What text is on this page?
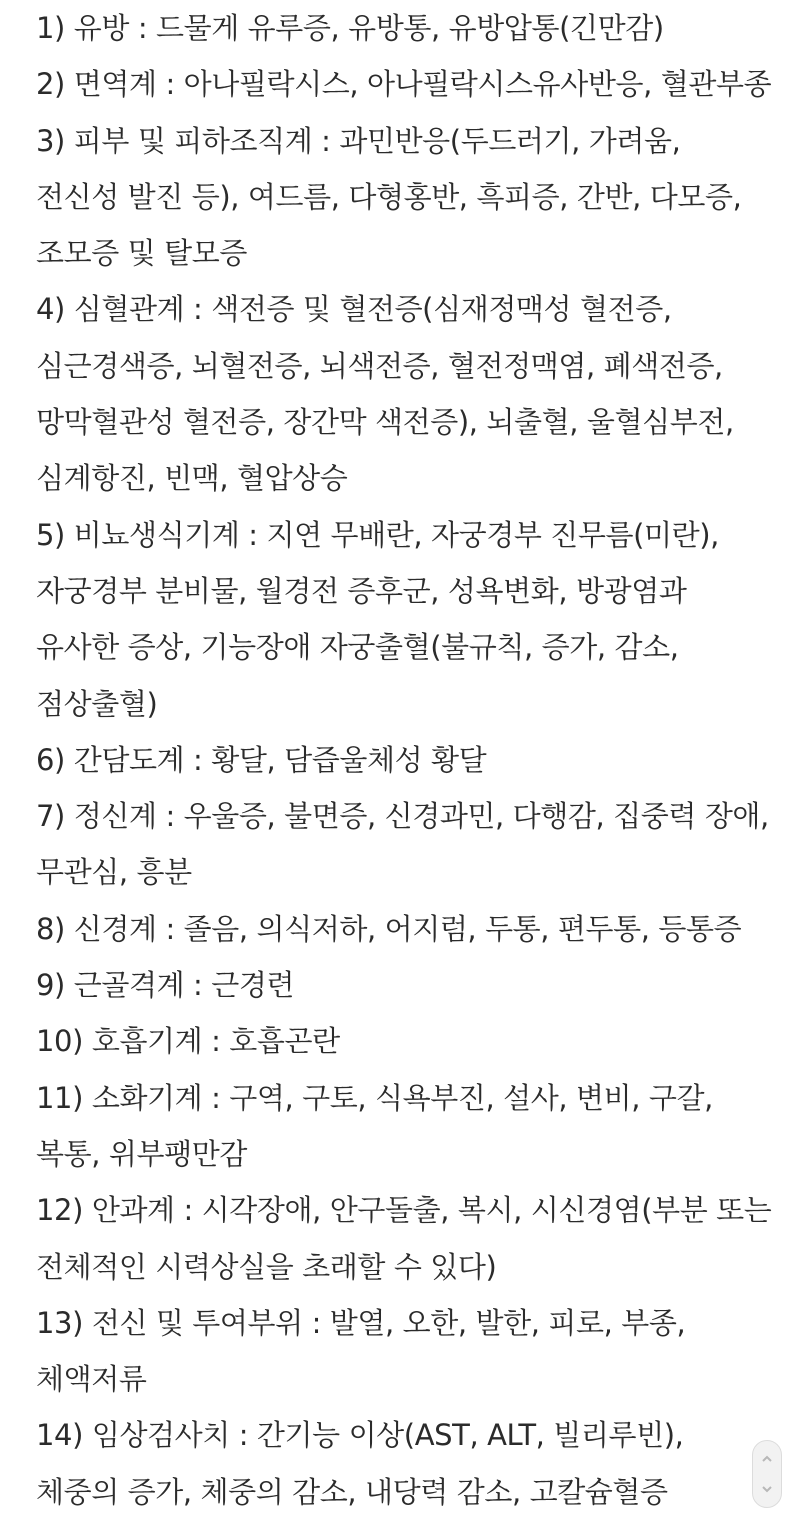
1) 유방 : 드물게 유루증, 유방통, 유방압통(긴만감)

2) 면역계 : 아나필락시스, 아나필락시스유사반응, 혈관부종

3) 피부 및 피하조직계 : 과민반응(두드러기, 가려움, 전신성 발진 등), 여드름, 다형홍반, 흑피증, 간반, 다모증, 조모증 및 탈모증

4) 심혈관계 : 색전증 및 혈전증(심재정맥성 혈전증, 심근경색증, 뇌혈전증, 뇌색전증, 혈전정맥염, 폐색전증, 망막혈관성 혈전증, 장간막 색전증), 뇌출혈, 울혈심부전, 심계항진, 빈맥, 혈압상승

5) 비뇨생식기계 : 지연 무배란, 자궁경부 진무름(미란), 자궁경부 분비물, 월경전 증후군, 성욕변화, 방광염과 유사한 증상, 기능장애 자궁출혈(불규칙, 증가, 감소, 점상출혈)

6) 간담도계 : 황달, 담즙울체성 황달

7) 정신계 : 우울증, 불면증, 신경과민, 다행감, 집중력 장애, 무관심, 흥분

8) 신경계 : 졸음, 의식저하, 어지럼, 두통, 편두통, 등통증

9) 근골격계 : 근경련

10) 호흡기계 : 호흡곤란

11) 소화기계 : 구역, 구토, 식욕부진, 설사, 변비, 구갈, 복통, 위부팽만감

12) 안과계 : 시각장애, 안구돌출, 복시, 시신경염(부분 또는 전체적인 시력상실을 초래할 수 있다)

13) 전신 및 투여부위 : 발열, 오한, 발한, 피로, 부종, 체액저류

14) 임상검사치 : 간기능 이상(AST, ALT, 빌리루빈), 체중의 증가, 체중의 감소, 내당력 감소, 고칼슘혈증
